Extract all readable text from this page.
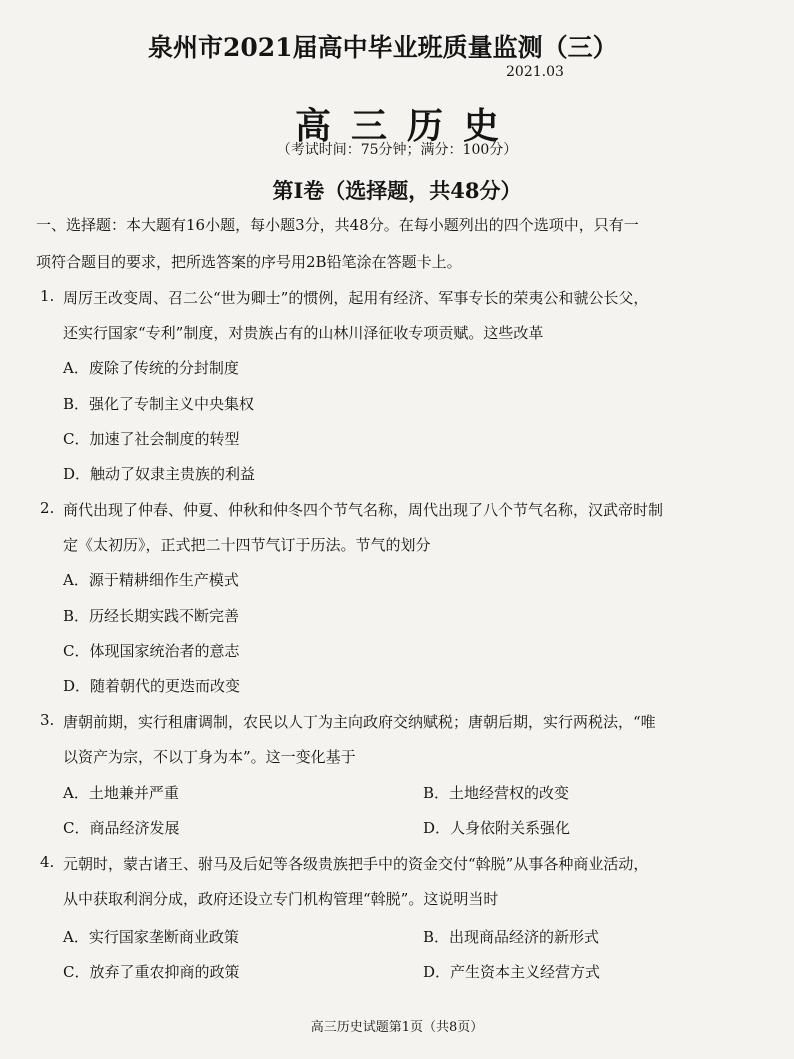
泉州市2021届高中毕业班质量监测（三）
2021.03
高三历史
（考试时间：75分钟；满分：100分）
第I卷（选择题，共48分）
一、选择题：本大题有16小题，每小题3分，共48分。在每小题列出的四个选项中，只有一
项符合题目的要求，把所选答案的序号用2B铅笔涂在答题卡上。
1. 周厉王改变周、召二公“世为卿士”的惯例，起用有经济、军事专长的荣夷公和虢公长父，
还实行国家“专利”制度，对贵族占有的山林川泽征收专项贡赋。这些改革
A．废除了传统的分封制度
B．强化了专制主义中央集权
C．加速了社会制度的转型
D．触动了奴隶主贵族的利益
2. 商代出现了仲春、仲夏、仲秋和仲冬四个节气名称，周代出现了八个节气名称，汉武帝时制
定《太初历》，正式把二十四节气订于历法。节气的划分
A．源于精耕细作生产模式
B．历经长期实践不断完善
C．体现国家统治者的意志
D．随着朝代的更迭而改变
3. 唐朝前期，实行租庸调制，农民以人丁为主向政府交纳赋税；唐朝后期，实行两税法，“唯
以资产为宗，不以丁身为本”。这一变化基于
A．土地兼并严重	B．土地经营权的改变
C．商品经济发展	D．人身依附关系强化
4. 元朝时，蒙古诸王、驸马及后妃等各级贵族把手中的资金交付“斡脱”从事各种商业活动，
从中获取利润分成，政府还设立专门机构管理“斡脱”。这说明当时
A．实行国家垄断商业政策	B．出现商品经济的新形式
C．放弃了重农抑商的政策	D．产生资本主义经营方式
高三历史试题第1页（共8页）
